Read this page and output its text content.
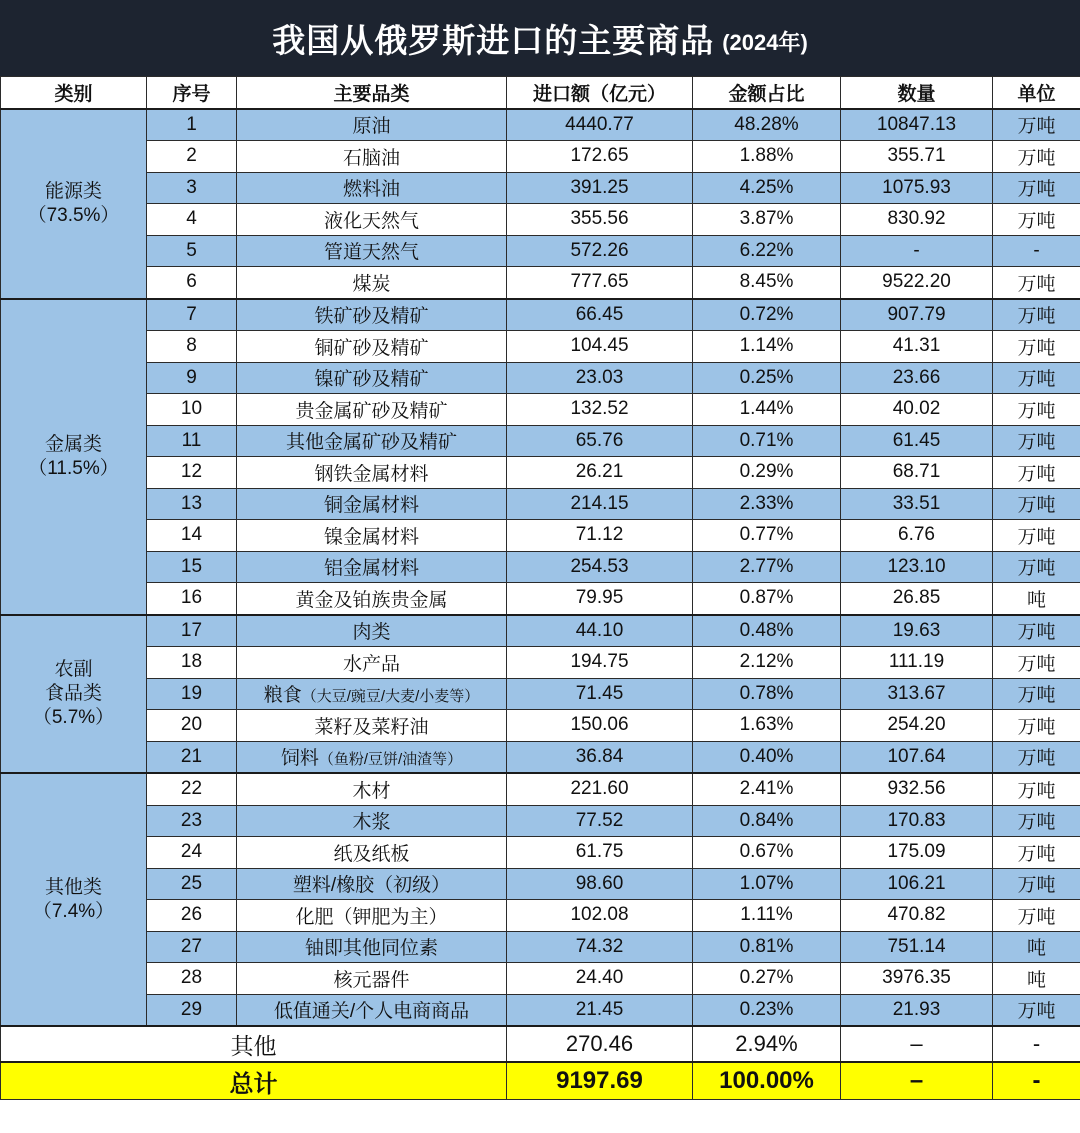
我国从俄罗斯进口的主要商品 (2024年)
类别	序号	主要品类	进口额（亿元）	金额占比	数量	单位

能源类
（73.5%）	1	原油	4440.77	48.28%	10847.13	万吨
	2	石脑油	172.65	1.88%	355.71	万吨
	3	燃料油	391.25	4.25%	1075.93	万吨
	4	液化天然气	355.56	3.87%	830.92	万吨
	5	管道天然气	572.26	6.22%	-	-
	6	煤炭	777.65	8.45%	9522.20	万吨

金属类
（11.5%）	7	铁矿砂及精矿	66.45	0.72%	907.79	万吨
	8	铜矿砂及精矿	104.45	1.14%	41.31	万吨
	9	镍矿砂及精矿	23.03	0.25%	23.66	万吨
	10	贵金属矿砂及精矿	132.52	1.44%	40.02	万吨
	11	其他金属矿砂及精矿	65.76	0.71%	61.45	万吨
	12	钢铁金属材料	26.21	0.29%	68.71	万吨
	13	铜金属材料	214.15	2.33%	33.51	万吨
	14	镍金属材料	71.12	0.77%	6.76	万吨
	15	铝金属材料	254.53	2.77%	123.10	万吨
	16	黄金及铂族贵金属	79.95	0.87%	26.85	吨

农副
食品类
（5.7%）	17	肉类	44.10	0.48%	19.63	万吨
	18	水产品	194.75	2.12%	111.19	万吨
	19	粮食（大豆/豌豆/大麦/小麦等）	71.45	0.78%	313.67	万吨
	20	菜籽及菜籽油	150.06	1.63%	254.20	万吨
	21	饲料（鱼粉/豆饼/油渣等）	36.84	0.40%	107.64	万吨

其他类
（7.4%）	22	木材	221.60	2.41%	932.56	万吨
	23	木浆	77.52	0.84%	170.83	万吨
	24	纸及纸板	61.75	0.67%	175.09	万吨
	25	塑料/橡胶（初级）	98.60	1.07%	106.21	万吨
	26	化肥（钾肥为主）	102.08	1.11%	470.82	万吨
	27	铀即其他同位素	74.32	0.81%	751.14	吨
	28	核元器件	24.40	0.27%	3976.35	吨
	29	低值通关/个人电商商品	21.45	0.23%	21.93	万吨
其他			270.46	2.94%	–	-
总计			9197.69	100.00%	–	-
